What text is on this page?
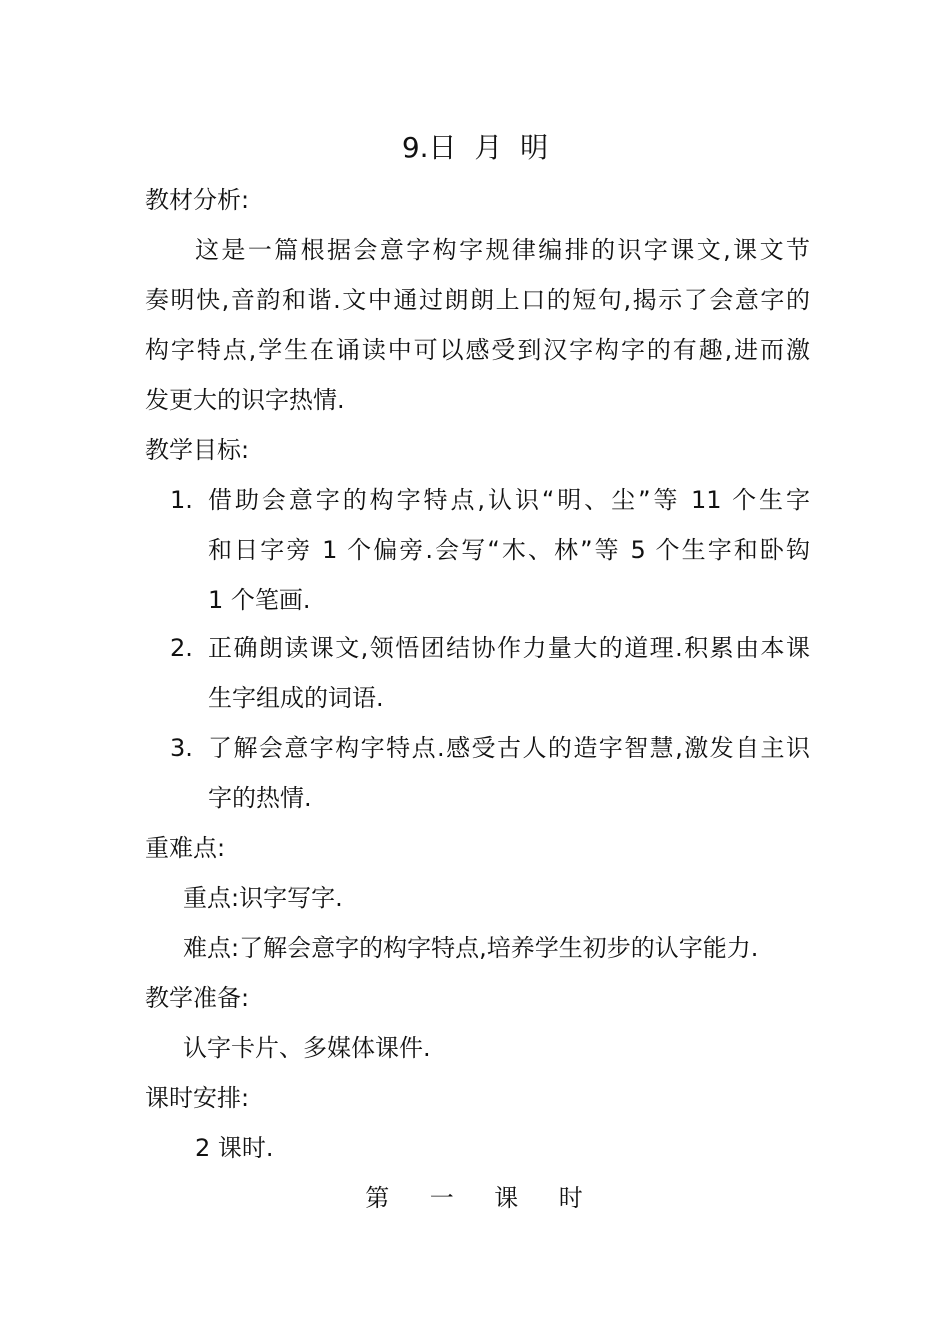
9.日  月  明
教材分析:
这是一篇根据会意字构字规律编排的识字课文,课文节
奏明快,音韵和谐.文中通过朗朗上口的短句,揭示了会意字的
构字特点,学生在诵读中可以感受到汉字构字的有趣,进而激
发更大的识字热情.
教学目标:
1. 借助会意字的构字特点,认识“明、尘”等 11 个生字
和日字旁 1 个偏旁.会写“木、林”等 5 个生字和卧钩
1 个笔画.
2. 正确朗读课文,领悟团结协作力量大的道理.积累由本课
生字组成的词语.
3. 了解会意字构字特点.感受古人的造字智慧,激发自主识
字的热情.
重难点:
重点:识字写字.
难点:了解会意字的构字特点,培养学生初步的认字能力.
教学准备:
认字卡片、多媒体课件.
课时安排:
2 课时.
第    一    课    时
